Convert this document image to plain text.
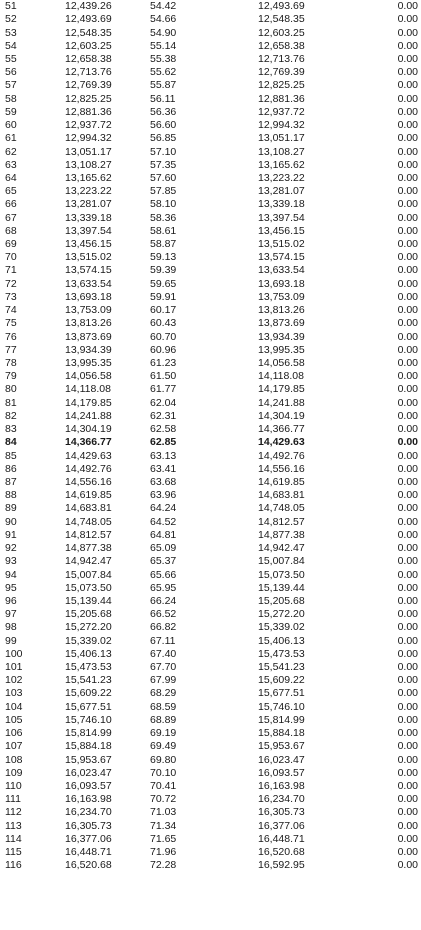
51	12,439.26	54.42	12,493.69	0.00
52	12,493.69	54.66	12,548.35	0.00
53	12,548.35	54.90	12,603.25	0.00
54	12,603.25	55.14	12,658.38	0.00
55	12,658.38	55.38	12,713.76	0.00
56	12,713.76	55.62	12,769.39	0.00
57	12,769.39	55.87	12,825.25	0.00
58	12,825.25	56.11	12,881.36	0.00
59	12,881.36	56.36	12,937.72	0.00
60	12,937.72	56.60	12,994.32	0.00
61	12,994.32	56.85	13,051.17	0.00
62	13,051.17	57.10	13,108.27	0.00
63	13,108.27	57.35	13,165.62	0.00
64	13,165.62	57.60	13,223.22	0.00
65	13,223.22	57.85	13,281.07	0.00
66	13,281.07	58.10	13,339.18	0.00
67	13,339.18	58.36	13,397.54	0.00
68	13,397.54	58.61	13,456.15	0.00
69	13,456.15	58.87	13,515.02	0.00
70	13,515.02	59.13	13,574.15	0.00
71	13,574.15	59.39	13,633.54	0.00
72	13,633.54	59.65	13,693.18	0.00
73	13,693.18	59.91	13,753.09	0.00
74	13,753.09	60.17	13,813.26	0.00
75	13,813.26	60.43	13,873.69	0.00
76	13,873.69	60.70	13,934.39	0.00
77	13,934.39	60.96	13,995.35	0.00
78	13,995.35	61.23	14,056.58	0.00
79	14,056.58	61.50	14,118.08	0.00
80	14,118.08	61.77	14,179.85	0.00
81	14,179.85	62.04	14,241.88	0.00
82	14,241.88	62.31	14,304.19	0.00
83	14,304.19	62.58	14,366.77	0.00
84	14,366.77	62.85	14,429.63	0.00
85	14,429.63	63.13	14,492.76	0.00
86	14,492.76	63.41	14,556.16	0.00
87	14,556.16	63.68	14,619.85	0.00
88	14,619.85	63.96	14,683.81	0.00
89	14,683.81	64.24	14,748.05	0.00
90	14,748.05	64.52	14,812.57	0.00
91	14,812.57	64.81	14,877.38	0.00
92	14,877.38	65.09	14,942.47	0.00
93	14,942.47	65.37	15,007.84	0.00
94	15,007.84	65.66	15,073.50	0.00
95	15,073.50	65.95	15,139.44	0.00
96	15,139.44	66.24	15,205.68	0.00
97	15,205.68	66.52	15,272.20	0.00
98	15,272.20	66.82	15,339.02	0.00
99	15,339.02	67.11	15,406.13	0.00
100	15,406.13	67.40	15,473.53	0.00
101	15,473.53	67.70	15,541.23	0.00
102	15,541.23	67.99	15,609.22	0.00
103	15,609.22	68.29	15,677.51	0.00
104	15,677.51	68.59	15,746.10	0.00
105	15,746.10	68.89	15,814.99	0.00
106	15,814.99	69.19	15,884.18	0.00
107	15,884.18	69.49	15,953.67	0.00
108	15,953.67	69.80	16,023.47	0.00
109	16,023.47	70.10	16,093.57	0.00
110	16,093.57	70.41	16,163.98	0.00
111	16,163.98	70.72	16,234.70	0.00
112	16,234.70	71.03	16,305.73	0.00
113	16,305.73	71.34	16,377.06	0.00
114	16,377.06	71.65	16,448.71	0.00
115	16,448.71	71.96	16,520.68	0.00
116	16,520.68	72.28	16,592.95	0.00
